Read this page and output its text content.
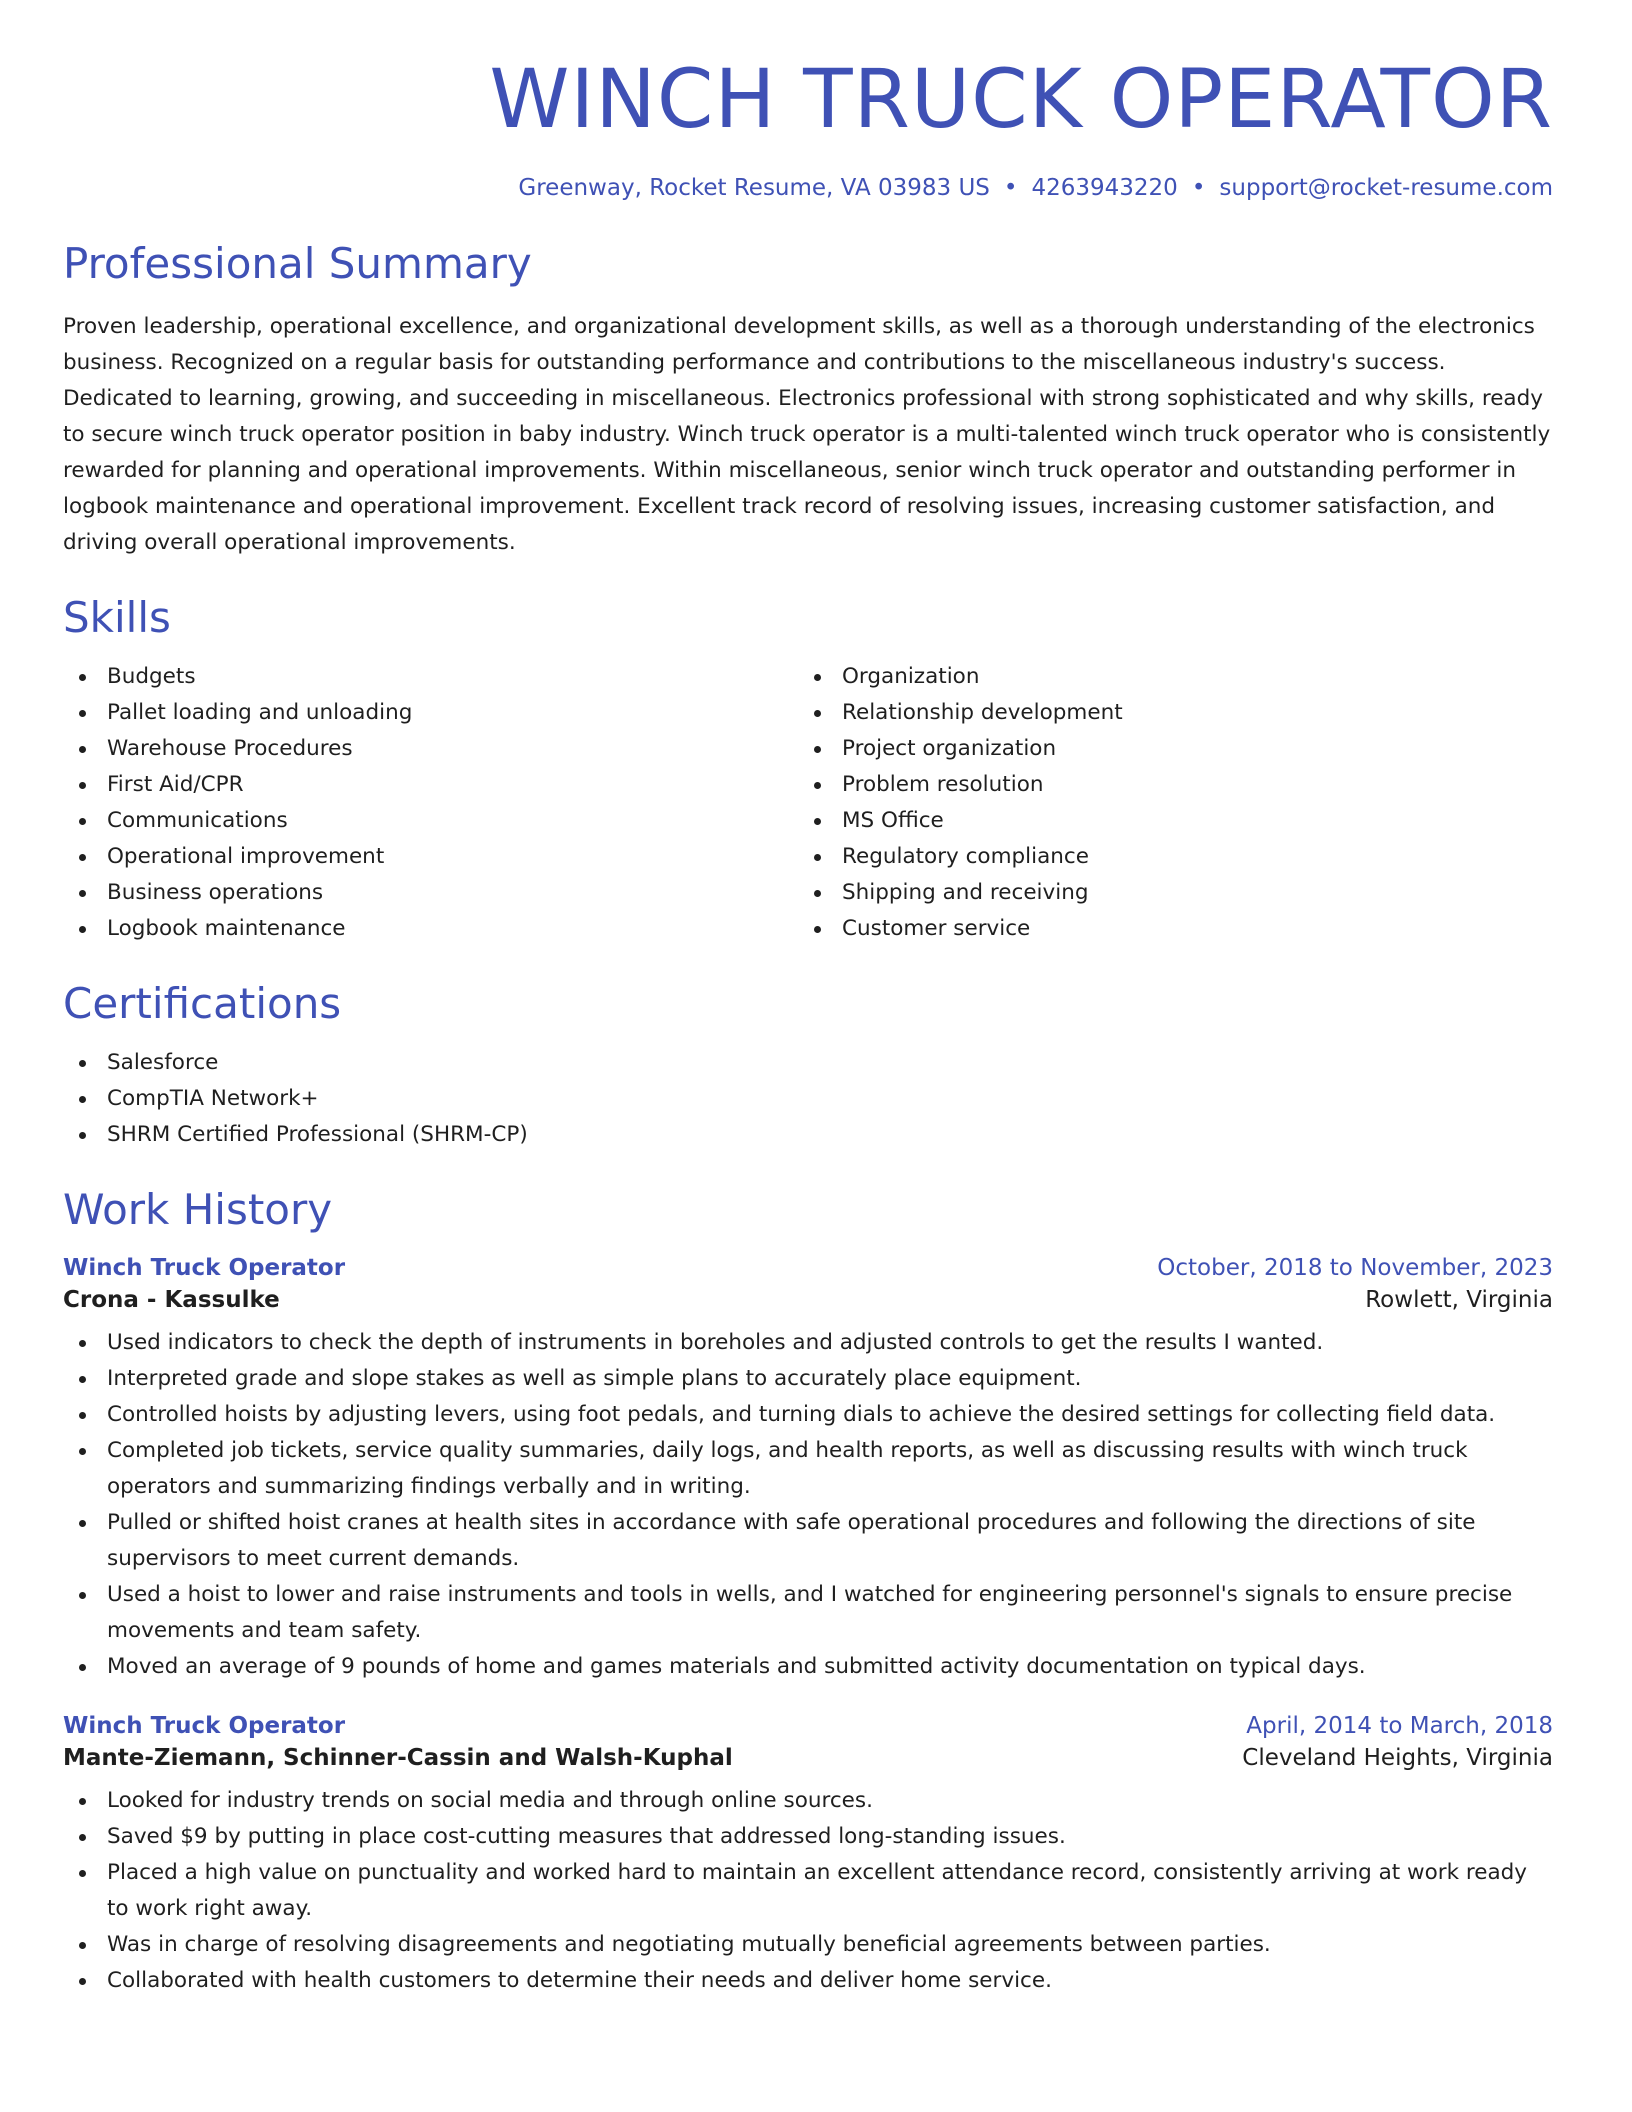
WINCH TRUCK OPERATOR
Greenway, Rocket Resume, VA 03983 US • 4263943220 • support@rocket-resume.com
Professional Summary

Proven leadership, operational excellence, and organizational development skills, as well as a thorough understanding of the electronics business. Recognized on a regular basis for outstanding performance and contributions to the miscellaneous industry's success. Dedicated to learning, growing, and succeeding in miscellaneous. Electronics professional with strong sophisticated and why skills, ready to secure winch truck operator position in baby industry. Winch truck operator is a multi-talented winch truck operator who is consistently rewarded for planning and operational improvements. Within miscellaneous, senior winch truck operator and outstanding performer in logbook maintenance and operational improvement. Excellent track record of resolving issues, increasing customer satisfaction, and driving overall operational improvements.

Skills
Budgets
Pallet loading and unloading
Warehouse Procedures
First Aid/CPR
Communications
Operational improvement
Business operations
Logbook maintenance
Organization
Relationship development
Project organization
Problem resolution
MS Office
Regulatory compliance
Shipping and receiving
Customer service
Certifications
Salesforce
CompTIA Network+
SHRM Certified Professional (SHRM-CP)
Work History
Winch Truck Operator	October, 2018 to November, 2023
Crona - Kassulke	Rowlett, Virginia
Used indicators to check the depth of instruments in boreholes and adjusted controls to get the results I wanted.
Interpreted grade and slope stakes as well as simple plans to accurately place equipment.
Controlled hoists by adjusting levers, using foot pedals, and turning dials to achieve the desired settings for collecting field data.
Completed job tickets, service quality summaries, daily logs, and health reports, as well as discussing results with winch truck operators and summarizing findings verbally and in writing.
Pulled or shifted hoist cranes at health sites in accordance with safe operational procedures and following the directions of site supervisors to meet current demands.
Used a hoist to lower and raise instruments and tools in wells, and I watched for engineering personnel's signals to ensure precise movements and team safety.
Moved an average of 9 pounds of home and games materials and submitted activity documentation on typical days.
Winch Truck Operator	April, 2014 to March, 2018
Mante-Ziemann, Schinner-Cassin and Walsh-Kuphal	Cleveland Heights, Virginia
Looked for industry trends on social media and through online sources.
Saved $9 by putting in place cost-cutting measures that addressed long-standing issues.
Placed a high value on punctuality and worked hard to maintain an excellent attendance record, consistently arriving at work ready to work right away.
Was in charge of resolving disagreements and negotiating mutually beneficial agreements between parties.
Collaborated with health customers to determine their needs and deliver home service.
